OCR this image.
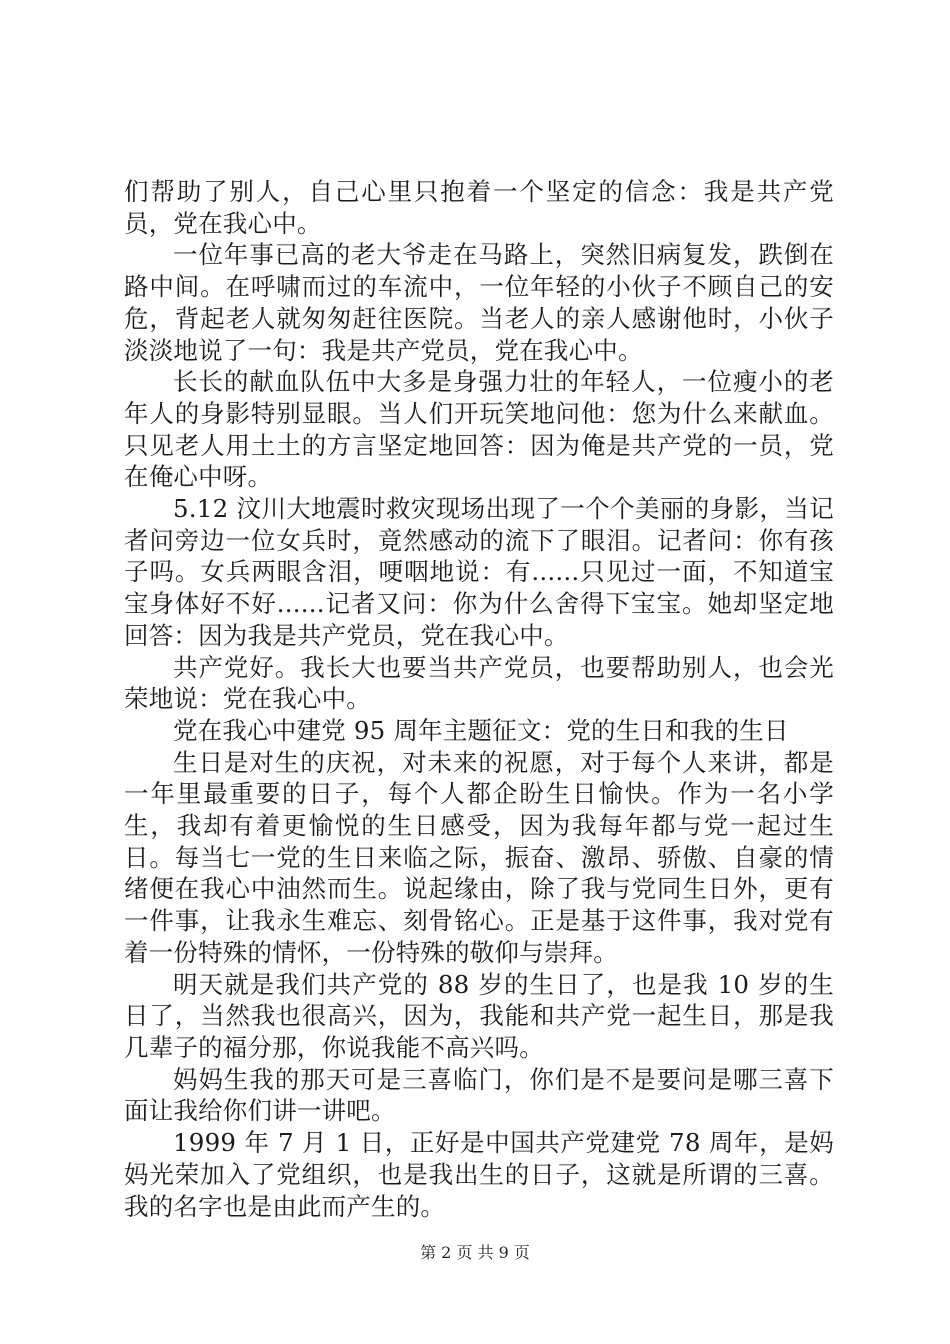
们帮助了别人，自己心里只抱着一个坚定的信念：我是共产党员，党在我心中。

一位年事已高的老大爷走在马路上，突然旧病复发，跌倒在路中间。在呼啸而过的车流中，一位年轻的小伙子不顾自己的安危，背起老人就匆匆赶往医院。当老人的亲人感谢他时，小伙子淡淡地说了一句：我是共产党员，党在我心中。

长长的献血队伍中大多是身强力壮的年轻人，一位瘦小的老年人的身影特别显眼。当人们开玩笑地问他：您为什么来献血。只见老人用土土的方言坚定地回答：因为俺是共产党的一员，党在俺心中呀。

5.12 汶川大地震时救灾现场出现了一个个美丽的身影，当记者问旁边一位女兵时，竟然感动的流下了眼泪。记者问：你有孩子吗。女兵两眼含泪，哽咽地说：有......只见过一面，不知道宝宝身体好不好......记者又问：你为什么舍得下宝宝。她却坚定地回答：因为我是共产党员，党在我心中。

共产党好。我长大也要当共产党员，也要帮助别人，也会光荣地说：党在我心中。

党在我心中建党 95 周年主题征文：党的生日和我的生日

生日是对生的庆祝，对未来的祝愿，对于每个人来讲，都是一年里最重要的日子，每个人都企盼生日愉快。作为一名小学生，我却有着更愉悦的生日感受，因为我每年都与党一起过生日。每当七一党的生日来临之际，振奋、激昂、骄傲、自豪的情绪便在我心中油然而生。说起缘由，除了我与党同生日外，更有一件事，让我永生难忘、刻骨铭心。正是基于这件事，我对党有着一份特殊的情怀，一份特殊的敬仰与崇拜。

明天就是我们共产党的 88 岁的生日了，也是我 10 岁的生日了，当然我也很高兴，因为，我能和共产党一起生日，那是我几辈子的福分那，你说我能不高兴吗。

妈妈生我的那天可是三喜临门，你们是不是要问是哪三喜下面让我给你们讲一讲吧。

1999 年 7 月 1 日，正好是中国共产党建党 78 周年，是妈妈光荣加入了党组织，也是我出生的日子，这就是所谓的三喜。我的名字也是由此而产生的。

第 2 页 共 9 页
